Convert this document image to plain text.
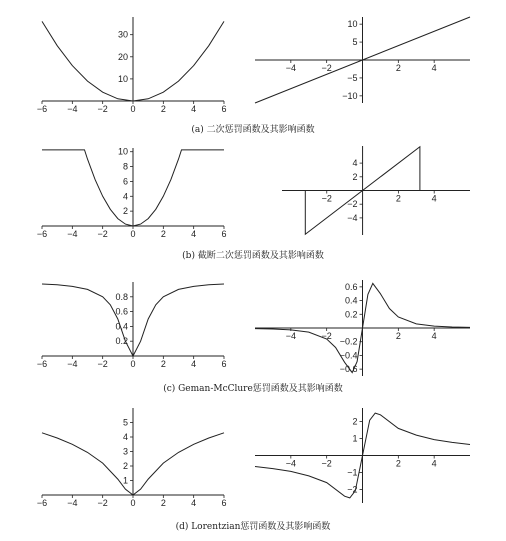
−6 −4 −2	0	2	4	6
10
20
30
−4	−2	2	4
−10
−5
5
10
−6 −4 −2	0	2	4	6
2
4
6
8
10
−2	2	4
−4
−2
2
4
−6 −4 −2	0	2	4	6
0.2
0.4
0.6
0.8
−4	−2	2	4
−0.6
−0.4
−0.2
0.2
0.4
0.6
−6 −4 −2	0	2	4	6
1
2
3
4
5
−4	−2	2	4
−2
−1
1
2
(a) 二次惩罚函数及其影响函数
(b) 截断二次惩罚函数及其影响函数
(c) Geman-McClure惩罚函数及其影响函数
(d) Lorentzian惩罚函数及其影响函数
